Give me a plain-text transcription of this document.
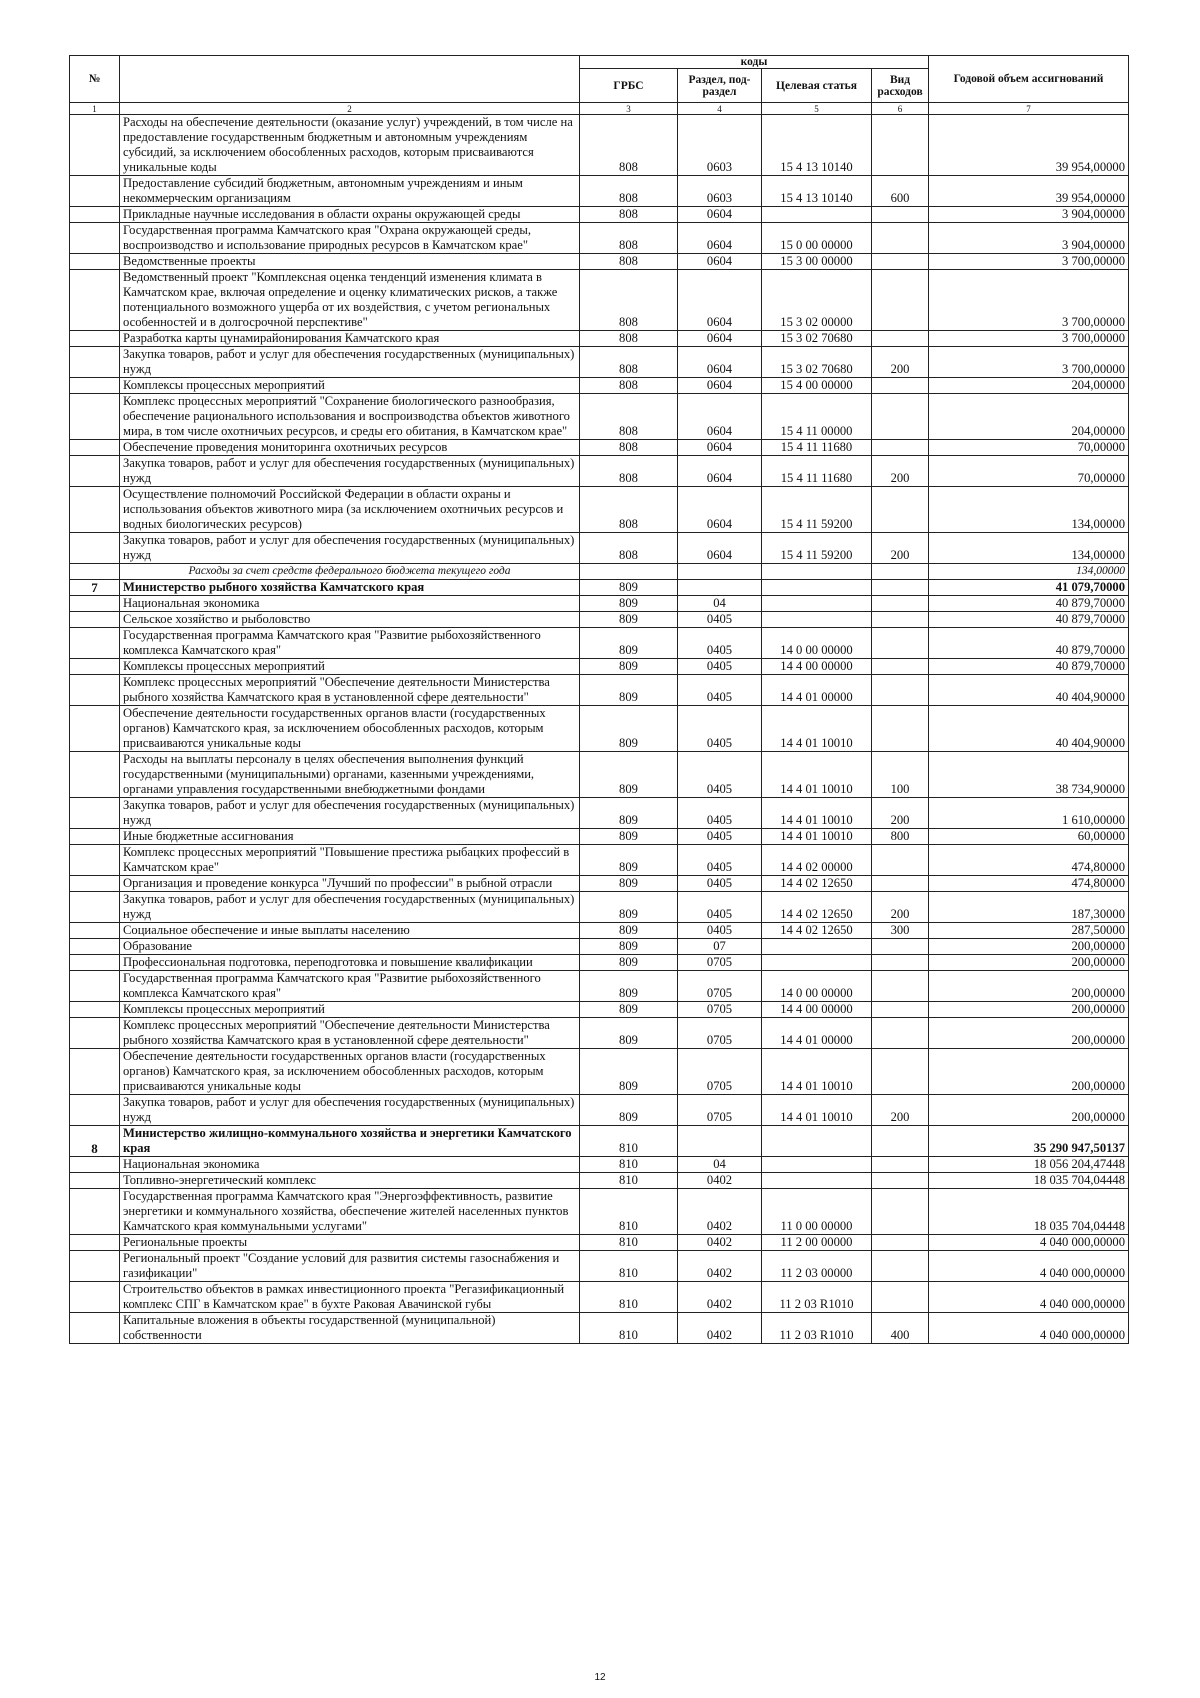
№		коды				Годовой объем ассигнований
		ГРБС	Раздел, под-раздел	Целевая статья	Вид расходов	
1	2	3	4	5	6	7
	Расходы на обеспечение деятельности (оказание услуг) учреждений, в том числе на предоставление государственным бюджетным и автономным учреждениям субсидий, за исключением обособленных расходов, которым присваиваются уникальные коды	808	0603	15 4 13 10140		39 954,00000
	Предоставление субсидий бюджетным, автономным учреждениям и иным некоммерческим организациям	808	0603	15 4 13 10140	600	39 954,00000
	Прикладные научные исследования в области охраны окружающей среды	808	0604			3 904,00000
	Государственная программа Камчатского края "Охрана окружающей среды, воспроизводство и использование природных ресурсов в Камчатском крае"	808	0604	15 0 00 00000		3 904,00000
	Ведомственные проекты	808	0604	15 3 00 00000		3 700,00000
	Ведомственный проект "Комплексная оценка тенденций изменения климата в Камчатском крае, включая определение и оценку климатических рисков, а также потенциального возможного ущерба от их воздействия, с учетом региональных особенностей и в долгосрочной перспективе"	808	0604	15 3 02 00000		3 700,00000
	Разработка карты цунамирайонирования Камчатского края	808	0604	15 3 02 70680		3 700,00000
	Закупка товаров, работ и услуг для обеспечения государственных (муниципальных) нужд	808	0604	15 3 02 70680	200	3 700,00000
	Комплексы процессных мероприятий	808	0604	15 4 00 00000		204,00000
	Комплекс процессных мероприятий "Сохранение биологического разнообразия, обеспечение рационального использования и воспроизводства объектов животного мира, в том числе охотничьих ресурсов, и среды его обитания, в Камчатском крае"	808	0604	15 4 11 00000		204,00000
	Обеспечение проведения мониторинга охотничьих ресурсов	808	0604	15 4 11 11680		70,00000
	Закупка товаров, работ и услуг для обеспечения государственных (муниципальных) нужд	808	0604	15 4 11 11680	200	70,00000
	Осуществление полномочий Российской Федерации в области охраны и использования объектов животного мира (за исключением охотничьих ресурсов и водных биологических ресурсов)	808	0604	15 4 11 59200		134,00000
	Закупка товаров, работ и услуг для обеспечения государственных (муниципальных) нужд	808	0604	15 4 11 59200	200	134,00000
	Расходы за счет средств федерального бюджета текущего года					134,00000
7	Министерство рыбного хозяйства Камчатского края	809				41 079,70000
	Национальная экономика	809	04			40 879,70000
	Сельское хозяйство и рыболовство	809	0405			40 879,70000
	Государственная программа Камчатского края "Развитие рыбохозяйственного комплекса Камчатского края"	809	0405	14 0 00 00000		40 879,70000
	Комплексы процессных мероприятий	809	0405	14 4 00 00000		40 879,70000
	Комплекс процессных мероприятий "Обеспечение деятельности Министерства рыбного хозяйства Камчатского края в установленной сфере деятельности"	809	0405	14 4 01 00000		40 404,90000
	Обеспечение деятельности государственных органов власти (государственных органов) Камчатского края, за исключением обособленных расходов, которым присваиваются уникальные коды	809	0405	14 4 01 10010		40 404,90000
	Расходы на выплаты персоналу в целях обеспечения выполнения функций государственными (муниципальными) органами, казенными учреждениями, органами управления государственными внебюджетными фондами	809	0405	14 4 01 10010	100	38 734,90000
	Закупка товаров, работ и услуг для обеспечения государственных (муниципальных) нужд	809	0405	14 4 01 10010	200	1 610,00000
	Иные бюджетные ассигнования	809	0405	14 4 01 10010	800	60,00000
	Комплекс процессных мероприятий "Повышение престижа рыбацких профессий в Камчатском крае"	809	0405	14 4 02 00000		474,80000
	Организация и проведение конкурса "Лучший по профессии" в рыбной отрасли	809	0405	14 4 02 12650		474,80000
	Закупка товаров, работ и услуг для обеспечения государственных (муниципальных) нужд	809	0405	14 4 02 12650	200	187,30000
	Социальное обеспечение и иные выплаты населению	809	0405	14 4 02 12650	300	287,50000
	Образование	809	07			200,00000
	Профессиональная подготовка, переподготовка и повышение квалификации	809	0705			200,00000
	Государственная программа Камчатского края "Развитие рыбохозяйственного комплекса Камчатского края"	809	0705	14 0 00 00000		200,00000
	Комплексы процессных мероприятий	809	0705	14 4 00 00000		200,00000
	Комплекс процессных мероприятий "Обеспечение деятельности Министерства рыбного хозяйства Камчатского края в установленной сфере деятельности"	809	0705	14 4 01 00000		200,00000
	Обеспечение деятельности государственных органов власти (государственных органов) Камчатского края, за исключением обособленных расходов, которым присваиваются уникальные коды	809	0705	14 4 01 10010		200,00000
	Закупка товаров, работ и услуг для обеспечения государственных (муниципальных) нужд	809	0705	14 4 01 10010	200	200,00000
8	Министерство жилищно-коммунального хозяйства и энергетики Камчатского края	810				35 290 947,50137
	Национальная экономика	810	04			18 056 204,47448
	Топливно-энергетический комплекс	810	0402			18 035 704,04448
	Государственная программа Камчатского края "Энергоэффективность, развитие энергетики и коммунального хозяйства, обеспечение жителей населенных пунктов Камчатского края коммунальными услугами"	810	0402	11 0 00 00000		18 035 704,04448
	Региональные проекты	810	0402	11 2 00 00000		4 040 000,00000
	Региональный проект "Создание условий для развития системы газоснабжения и газификации"	810	0402	11 2 03 00000		4 040 000,00000
	Строительство объектов в рамках инвестиционного проекта "Регазификационный комплекс СПГ в Камчатском крае" в бухте Раковая Авачинской губы	810	0402	11 2 03 R1010		4 040 000,00000
	Капитальные вложения в объекты государственной (муниципальной) собственности	810	0402	11 2 03 R1010	400	4 040 000,00000
12
